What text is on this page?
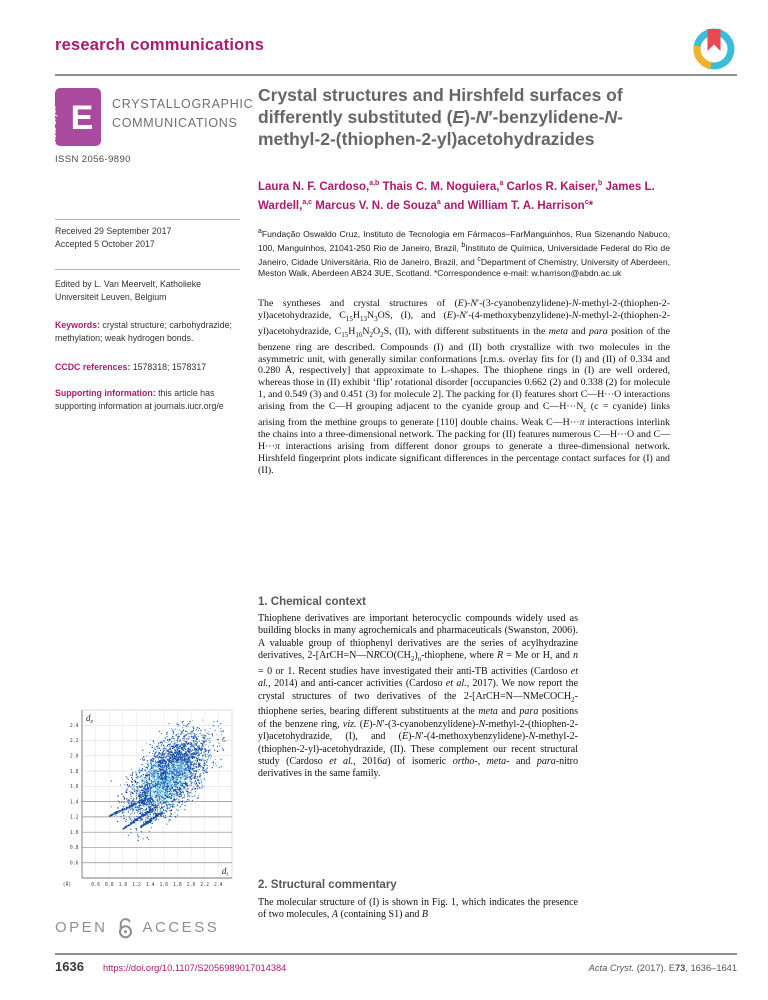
research communications
Acta Cryst E	CRYSTALLOGRAPHIC
COMMUNICATIONS
ISSN 2056-9890
Crystal structures and Hirshfeld surfaces of
differently substituted (E)-N′-benzylidene-N-
methyl-2-(thiophen-2-yl)acetohydrazides
Laura N. F. Cardoso,$^{a,b}$ Thais C. M. Noguiera,$^a$ Carlos R. Kaiser,$^b$ James L.
Wardell,$^{a,c}$ Marcus V. N. de Souza$^a$ and William T. A. Harrison$^c$*
$^a$Fundação Oswaldo Cruz, Instituto de Tecnologia em Fármacos–FarManguinhos, Rua Sizenando Nabuco, 100, Manguinhos, 21041-250 Rio de Janeiro, Brazil, $^b$Instituto de Química, Universidade Federal do Rio de Janeiro, Cidade Universitária, Rio de Janeiro, Brazil, and $^c$Department of Chemistry, University of Aberdeen, Meston Walk, Aberdeen AB24 3UE, Scotland. *Correspondence e-mail: w.harrison@abdn.ac.uk
The syntheses and crystal structures of (E)-N′-(3-cyanobenzylidene)-N-methyl-2-(thiophen-2-yl)acetohydrazide, $C_{15}H_{13}N_3OS$, (I), and (E)-N′-(4-methoxybenzylidene)-N-methyl-2-(thiophen-2-yl)acetohydrazide, $C_{15}H_{16}N_2O_2S$, (II), with different substituents in the meta and para position of the benzene ring are described. Compounds (I) and (II) both crystallize with two molecules in the asymmetric unit, with generally similar conformations [r.m.s. overlay fits for (I) and (II) of 0.334 and 0.280 Å, respectively] that approximate to L-shapes. The thiophene rings in (I) are well ordered, whereas those in (II) exhibit ‘flip’ rotational disorder [occupancies 0.662 (2) and 0.338 (2) for molecule 1, and 0.549 (3) and 0.451 (3) for molecule 2]. The packing for (I) features short C—H···O interactions arising from the C—H grouping adjacent to the cyanide group and $C—H\cdot\cdot\cdot N_c$ (c = cyanide) links arising from the methine groups to generate [110] double chains. Weak C—H···π interactions interlink the chains into a three-dimensional network. The packing for (II) features numerous C—H···O and C—H···π interactions arising from different donor groups to generate a three-dimensional network. Hirshfeld fingerprint plots indicate significant differences in the percentage contact surfaces for (I) and (II).
Received 29 September 2017
Accepted 5 October 2017
Edited by L. Van Meervelt, Katholieke Universiteit Leuven, Belgium
Keywords: crystal structure; carbohydrazide; methylation; weak hydrogen bonds.
CCDC references: 1578318; 1578317
Supporting information: this article has supporting information at journals.iucr.org/e
0.6
0.8
1.0
1.2
1.4
1.6
1.8
2.0
2.2
2.4
0.6 0.8 1.0 1.2 1.4 1.6 1.8 2.0 2.2 2.4
(Å)
$d_e$
$d_i$
1. Chemical context
Thiophene derivatives are important heterocyclic compounds widely used as building blocks in many agrochemicals and pharmaceuticals (Swanston, 2006). A valuable group of thiophenyl derivatives are the series of acylhydrazine derivatives, $2-[ArCH=N—NRCO(CH_2)_n$-thiophene, where R = Me or H, and n = 0 or 1. Recent studies have investigated their anti-TB activities (Cardoso et al., 2014) and anti-cancer activities (Cardoso et al., 2017). We now report the crystal structures of two derivatives of the 2-[ArCH=N—NMeCOCH$_2$-thiophene series, bearing different substituents at the meta and para positions of the benzene ring, viz. (E)-N′-(3-cyanobenzylidene)-N-methyl-2-(thiophen-2-yl)acetohydrazide, (I), and (E)-N′-(4-methoxybenzylidene)-N-methyl-2-(thiophen-2-yl)-acetohydrazide, (II). These complement our recent structural study (Cardoso et al., 2016a) of isomeric ortho-, meta- and para-nitro derivatives in the same family.
2. Structural commentary
The molecular structure of (I) is shown in Fig. 1, which indicates the presence of two molecules, A (containing S1) and B
OPEN ACCESS
1636 https://doi.org/10.1107/S2056989017014384	Acta Cryst. (2017). E73, 1636–1641
